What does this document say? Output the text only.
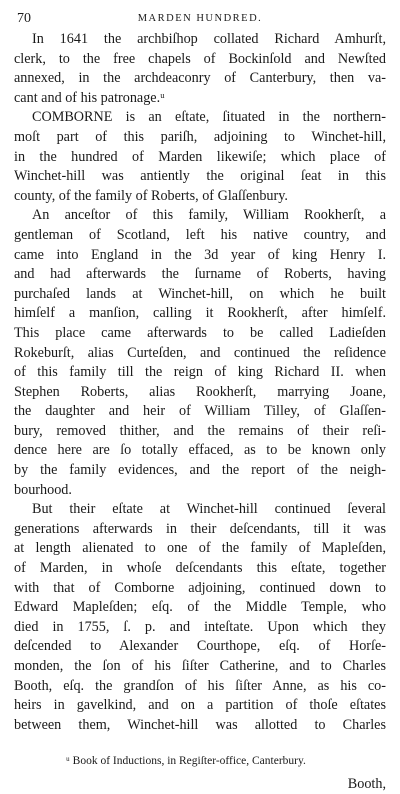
70	MARDEN HUNDRED.
In 1641 the archbiſhop collated Richard Amhurſt,
clerk, to the free chapels of Bockinſold and Newſted
annexed, in the archdeaconry of Canterbury, then va-
cant and of his patronage.ᵘ
COMBORNE is an eſtate, ſituated in the northern-
moſt part of this pariſh, adjoining to Winchet-hill,
in the hundred of Marden likewiſe; which place of
Winchet-hill was antiently the original ſeat in this
county, of the family of Roberts, of Glaſſenbury.
An anceſtor of this family, William Rookherſt, a
gentleman of Scotland, left his native country, and
came into England in the 3d year of king Henry I.
and had afterwards the ſurname of Roberts, having
purchaſed lands at Winchet-hill, on which he built
himſelf a manſion, calling it Rookherſt, after himſelf.
This place came afterwards to be called Ladieſden
Rokeburſt, alias Curteſden, and continued the reſidence
of this family till the reign of king Richard II. when
Stephen Roberts, alias Rookherſt, marrying Joane,
the daughter and heir of William Tilley, of Glaſſen-
bury, removed thither, and the remains of their reſi-
dence here are ſo totally effaced, as to be known only
by the family evidences, and the report of the neigh-
bourhood.
But their eſtate at Winchet-hill continued ſeveral
generations afterwards in their deſcendants, till it was
at length alienated to one of the family of Mapleſden,
of Marden, in whoſe deſcendants this eſtate, together
with that of Comborne adjoining, continued down to
Edward Mapleſden; eſq. of the Middle Temple, who
died in 1755, ſ. p. and inteſtate. Upon which they
deſcended to Alexander Courthope, eſq. of Horſe-
monden, the ſon of his ſiſter Catherine, and to Charles
Booth, eſq. the grandſon of his ſiſter Anne, as his co-
heirs in gavelkind, and on a partition of thoſe eſtates
between them, Winchet-hill was allotted to Charles
ᵘ Book of Inductions, in Regiſter-office, Canterbury.
Booth,
